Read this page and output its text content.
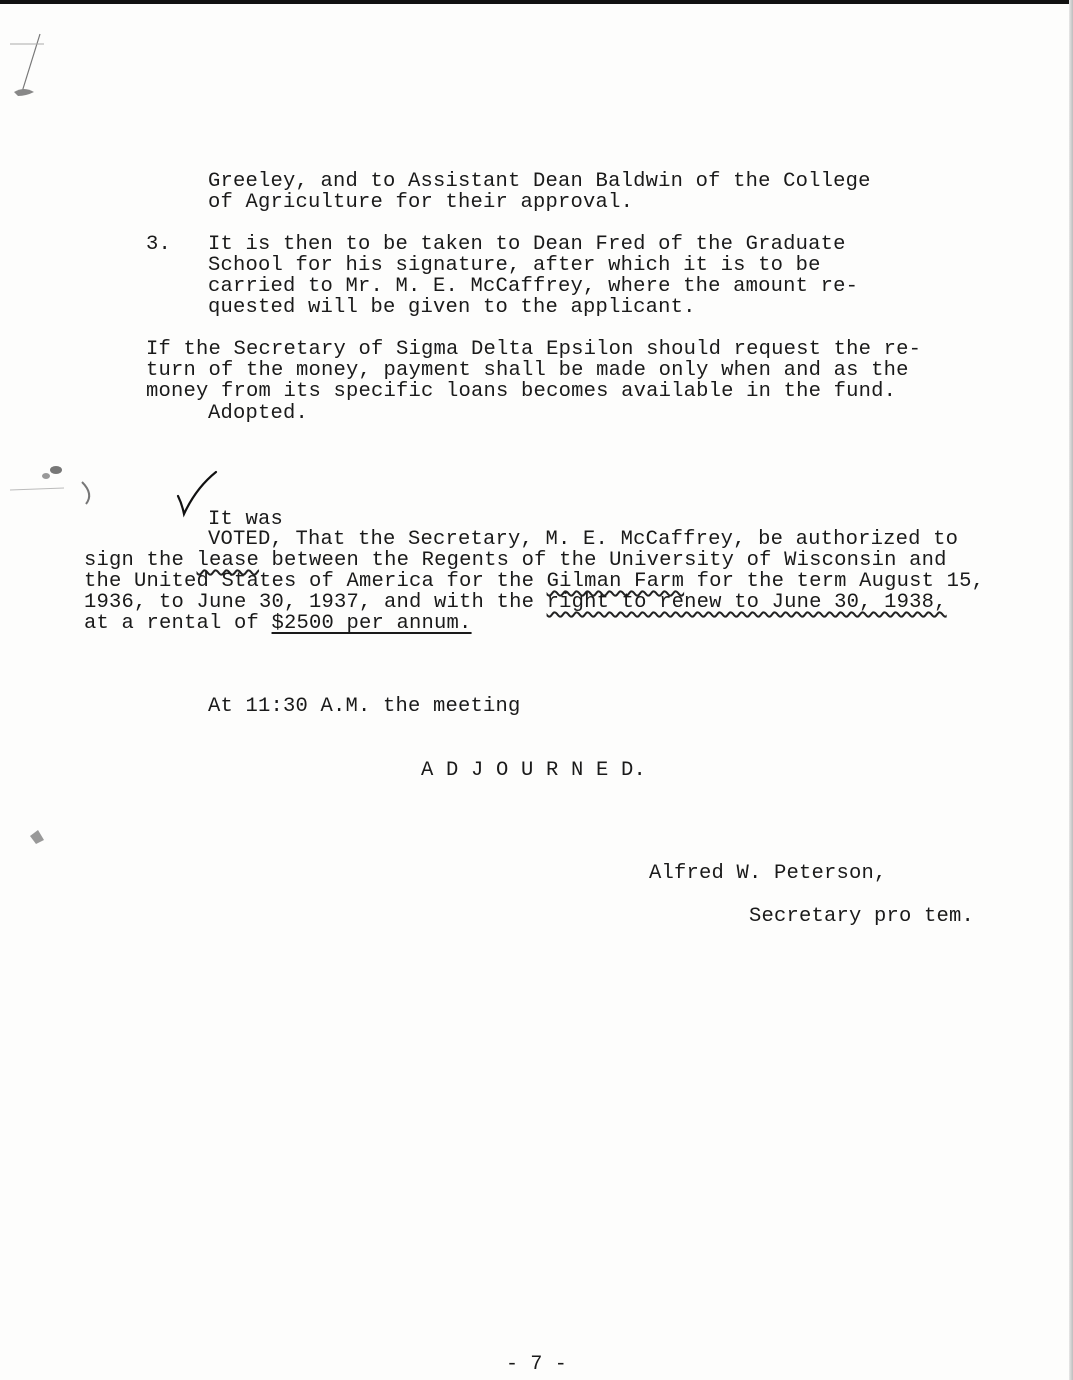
Greeley, and to Assistant Dean Baldwin of the College
of Agriculture for their approval.
3. It is then to be taken to Dean Fred of the Graduate
School for his signature, after which it is to be
carried to Mr. M. E. McCaffrey, where the amount re-
quested will be given to the applicant.
If the Secretary of Sigma Delta Epsilon should request the re-
turn of the money, payment shall be made only when and as the
money from its specific loans becomes available in the fund.
Adopted.
It was
VOTED, That the Secretary, M. E. McCaffrey, be authorized to
sign the lease between the Regents of the University of Wisconsin and
the United States of America for the Gilman Farm for the term August 15,
1936, to June 30, 1937, and with the right to renew to June 30, 1938,
at a rental of $2500 per annum.
At 11:30 A.M. the meeting
A D J O U R N E D.
Alfred W. Peterson,
Secretary pro tem.
- 7 -
